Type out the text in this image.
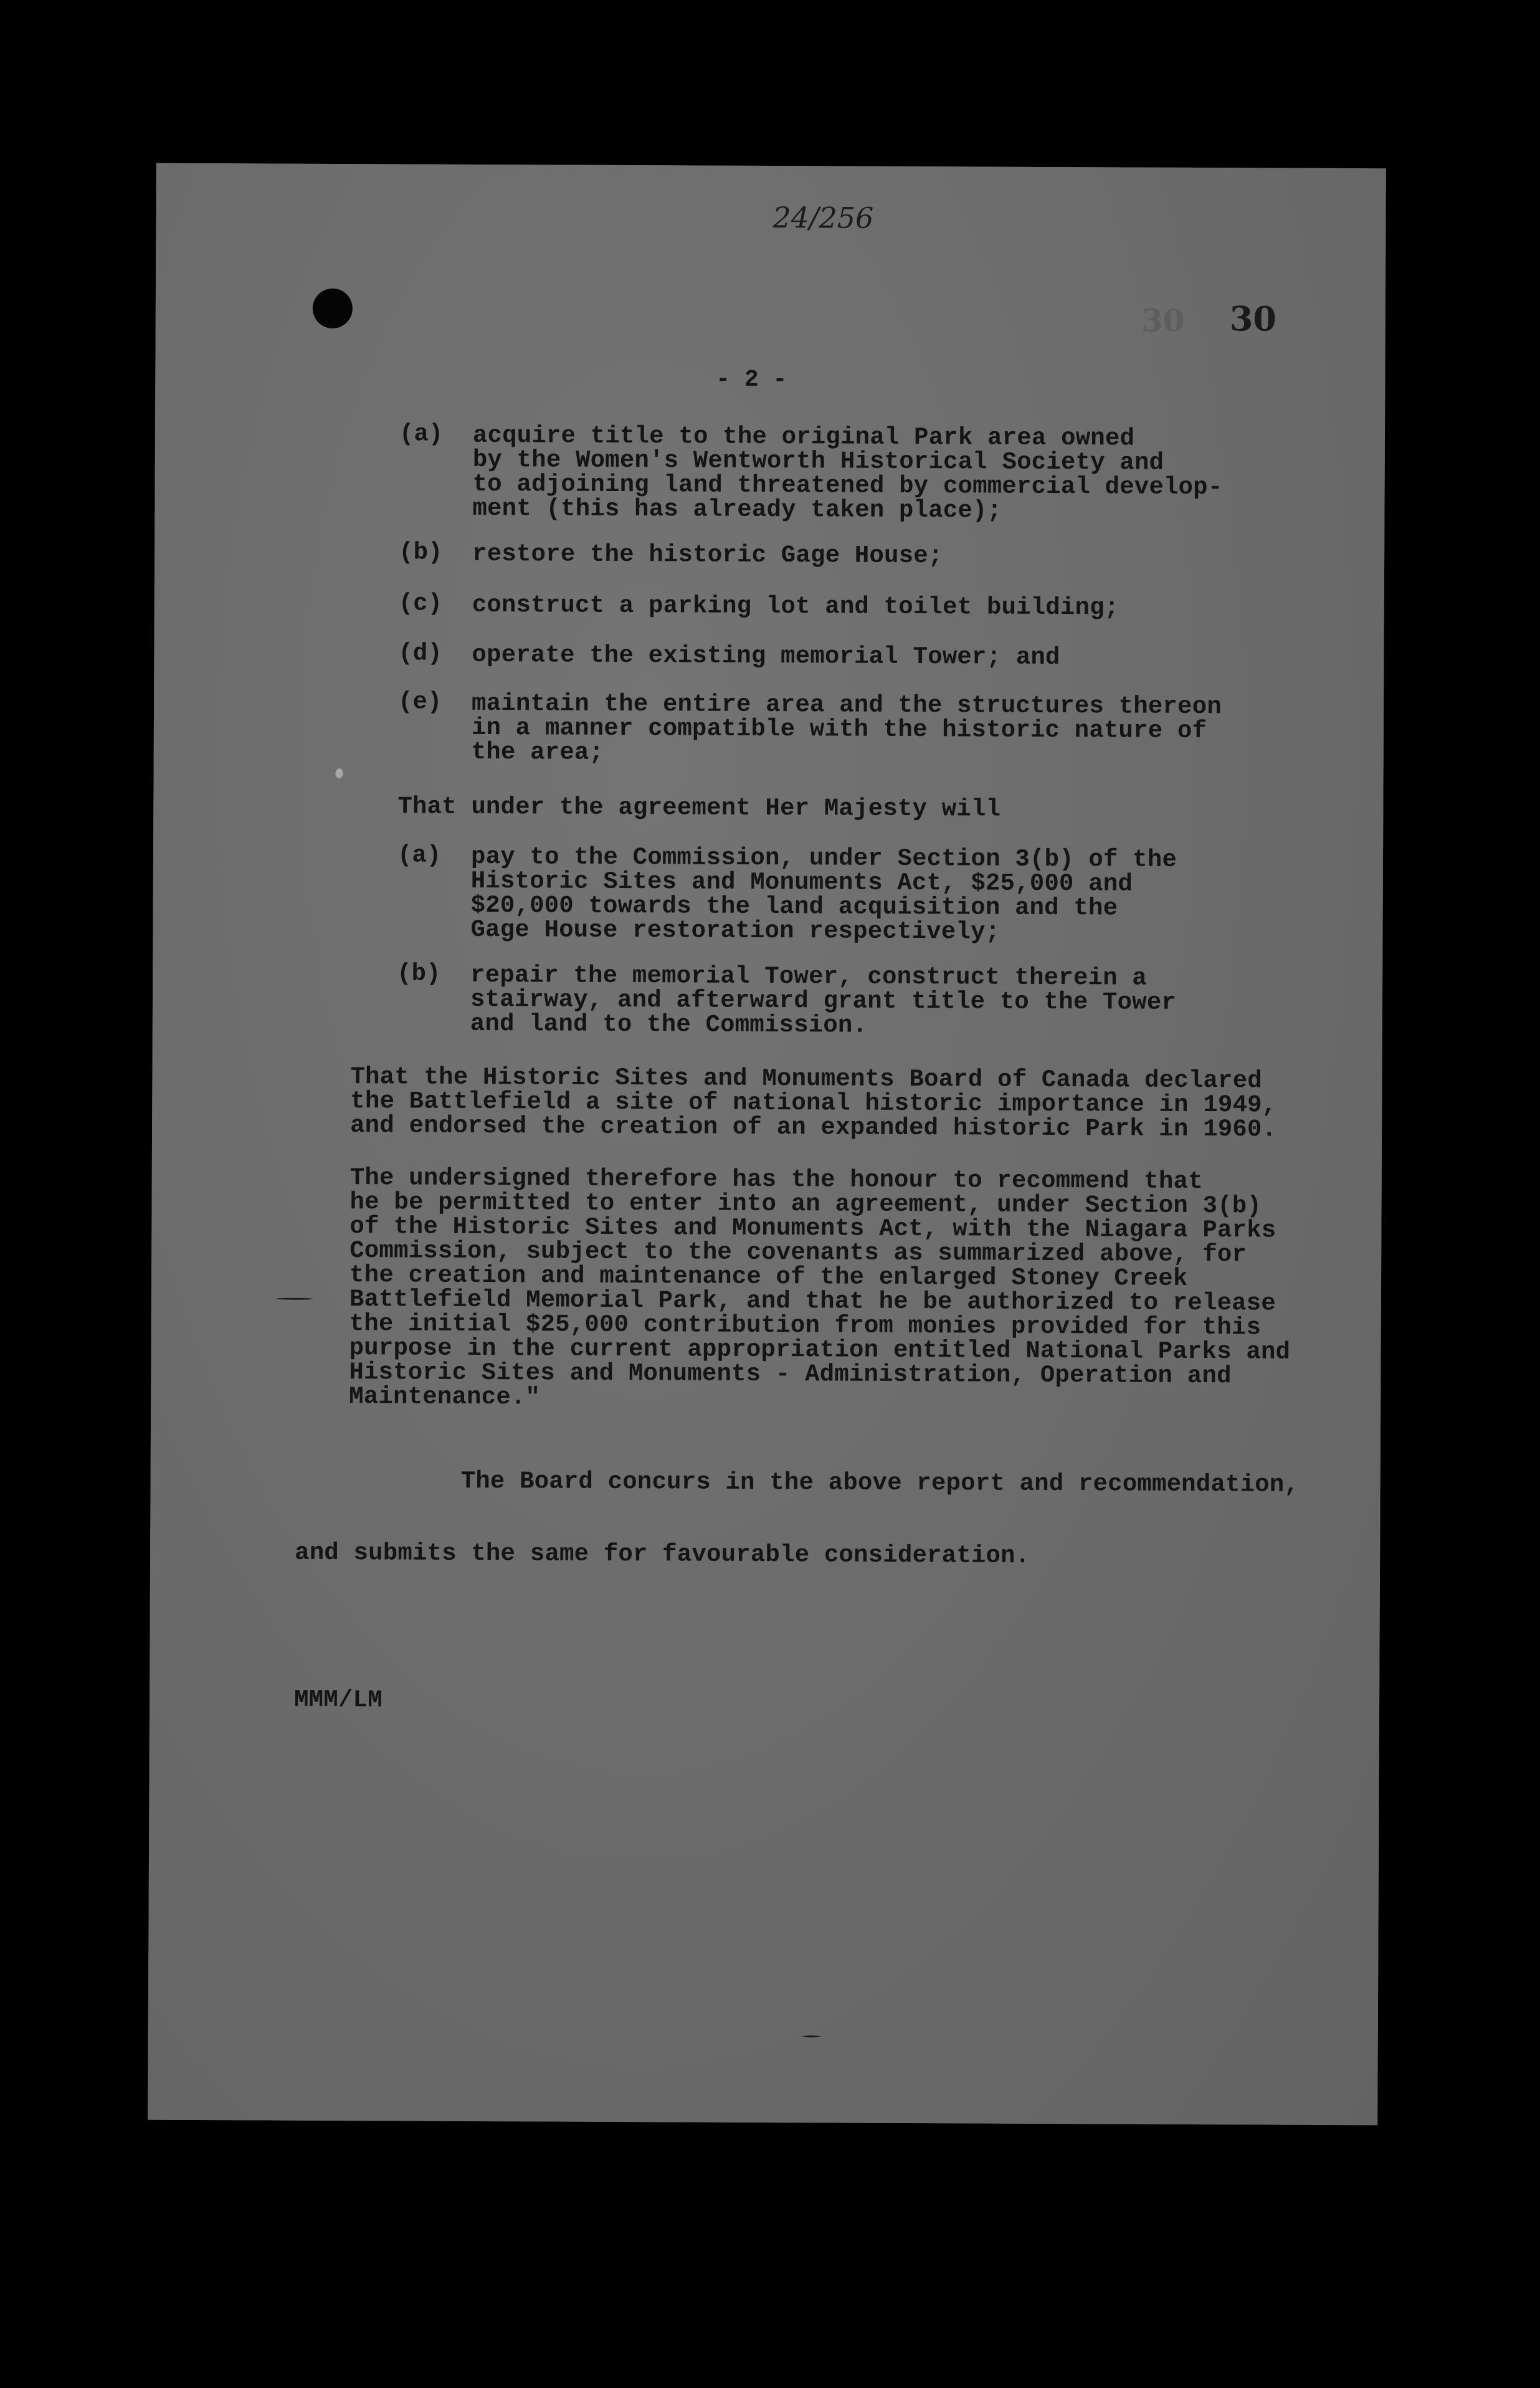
24/256
30 30
- 2 -
(a) acquire title to the original Park area owned
by the Women's Wentworth Historical Society and
to adjoining land threatened by commercial develop-
ment (this has already taken place);
(b) restore the historic Gage House;
(c) construct a parking lot and toilet building;
(d) operate the existing memorial Tower; and
(e) maintain the entire area and the structures thereon
in a manner compatible with the historic nature of
the area;
That under the agreement Her Majesty will
(a) pay to the Commission, under Section 3(b) of the
Historic Sites and Monuments Act, $25,000 and
$20,000 towards the land acquisition and the
Gage House restoration respectively;
(b) repair the memorial Tower, construct therein a
stairway, and afterward grant title to the Tower
and land to the Commission.
That the Historic Sites and Monuments Board of Canada declared
the Battlefield a site of national historic importance in 1949,
and endorsed the creation of an expanded historic Park in 1960.
The undersigned therefore has the honour to recommend that
he be permitted to enter into an agreement, under Section 3(b)
of the Historic Sites and Monuments Act, with the Niagara Parks
Commission, subject to the covenants as summarized above, for
the creation and maintenance of the enlarged Stoney Creek
Battlefield Memorial Park, and that he be authorized to release
the initial $25,000 contribution from monies provided for this
purpose in the current appropriation entitled National Parks and
Historic Sites and Monuments - Administration, Operation and
Maintenance."
The Board concurs in the above report and recommendation,
and submits the same for favourable consideration.
MMM/LM
